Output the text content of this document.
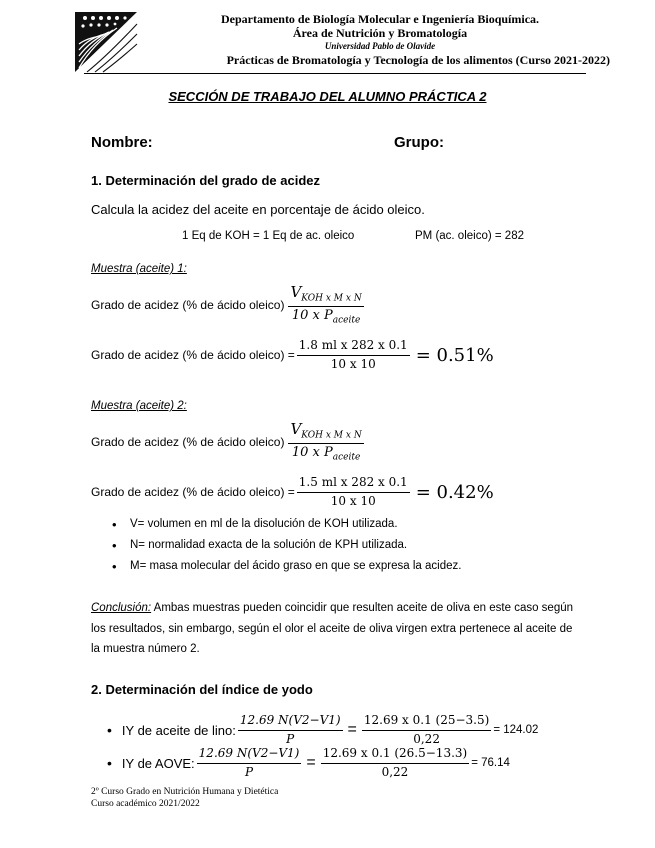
Departamento de Biología Molecular e Ingeniería Bioquímica.
Área de Nutrición y Bromatología
Universidad Pablo de Olavide
Prácticas de Bromatología y Tecnología de los alimentos (Curso 2021-2022)
SECCIÓN DE TRABAJO DEL ALUMNO PRÁCTICA 2
Nombre:	Grupo:
1. Determinación del grado de acidez
Calcula la acidez del aceite en porcentaje de ácido oleico.
1 Eq de KOH = 1 Eq de ac. oleico	PM (ac. oleico) = 282
Muestra (aceite) 1:
Grado de acidez (% de ácido oleico) $\frac{V_{KOH x M x N}}{10 x P_{aceite}}$
Grado de acidez (% de ácido oleico) = $\frac{\text{1.8 ml x 282 x 0.1}}{10 x 10} = 0.51\%$
Muestra (aceite) 2:
Grado de acidez (% de ácido oleico) $\frac{V_{KOH x M x N}}{10 x P_{aceite}}$
Grado de acidez (% de ácido oleico) = $\frac{\text{1.5 ml x 282 x 0.1}}{10 x 10} = 0.42\%$
• V= volumen en ml de la disolución de KOH utilizada.
• N= normalidad exacta de la solución de KPH utilizada.
• M= masa molecular del ácido graso en que se expresa la acidez.
Conclusión: Ambas muestras pueden coincidir que resulten aceite de oliva en este caso según
los resultados, sin embargo, según el olor el aceite de oliva virgen extra pertenece al aceite de
la muestra número 2.
2. Determinación del índice de yodo
• IY de aceite de lino: $\frac{12.69 N(V2-V1)}{P} = \frac{12.69 x 0.1 (25-3.5)}{0,22} = 124.02$
• IY de AOVE: $\frac{12.69 N(V2-V1)}{P} = \frac{12.69 x 0.1 (26.5-13.3)}{0,22} = 76.14$
2º Curso Grado en Nutrición Humana y Dietética
Curso académico 2021/2022
